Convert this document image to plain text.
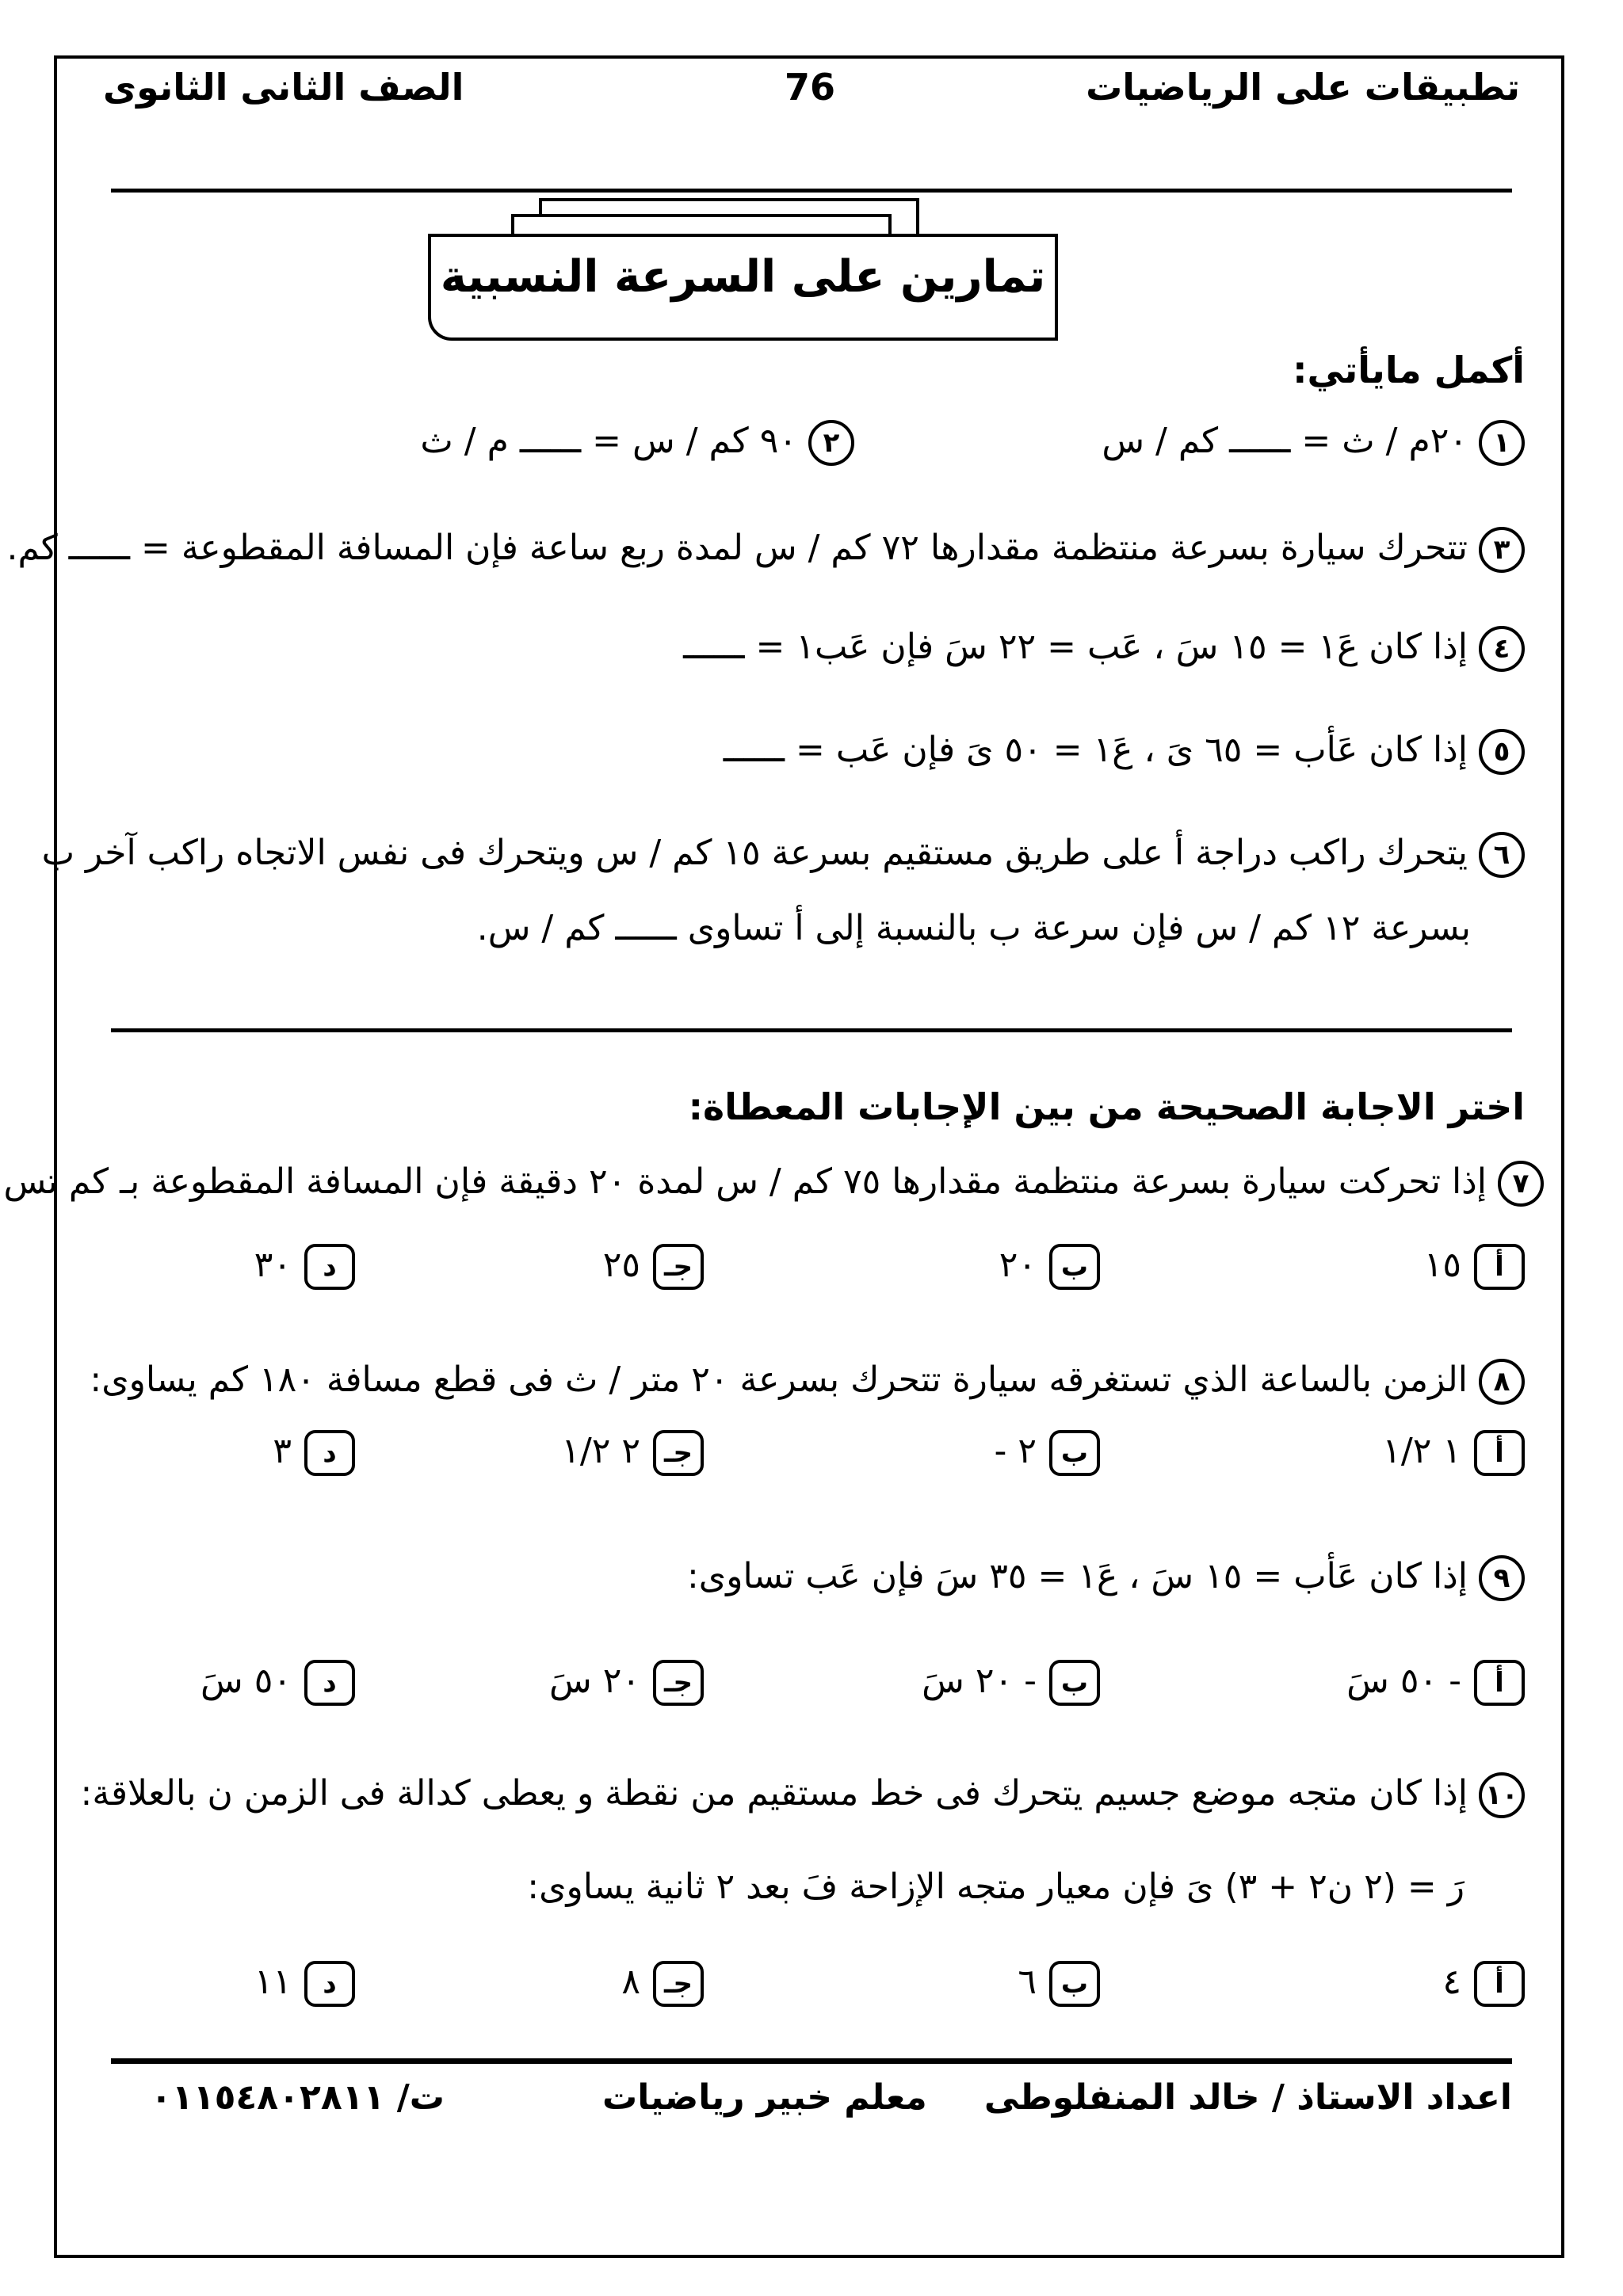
تطبيقات على الرياضيات
76
الصف الثانى الثانوى
تمارين على السرعة النسبية
أكمل مايأتي:
١٢٠م / ث = ــــــ كم / س
٢٩٠ كم / س = ــــــ م / ث
٣تتحرك سيارة بسرعة منتظمة مقدارها ٧٢ كم / س لمدة ربع ساعة فإن المسافة المقطوعة = ــــــ كم.
٤إذا كان عَ١ = ١٥ سَ ، عَب = ٢٢ سَ فإن عَب١ = ــــــ
٥إذا كان عَأب = ٦٥ ىَ ، عَ١ = ٥٠ ىَ فإن عَب = ــــــ
٦يتحرك راكب دراجة أ على طريق مستقيم بسرعة ١٥ كم / س ويتحرك فى نفس الاتجاه راكب آخر ب
بسرعة ١٢ كم / س فإن سرعة ب بالنسبة إلى أ تساوى ــــــ كم / س.
اختر الاجابة الصحيحة من بين الإجابات المعطاة:
٧إذا تحركت سيارة بسرعة منتظمة مقدارها ٧٥ كم / س لمدة ٢٠ دقيقة فإن المسافة المقطوعة بـ كم تس
أ١٥
ب٢٠
جـ٢٥
د٣٠
٨الزمن بالساعة الذي تستغرقه سيارة تتحرك بسرعة ٢٠ متر / ث فى قطع مسافة ١٨٠ كم يساوى:
أ١ ١/٢
ب٢ -
جـ٢ ١/٢
د٣
٩إذا كان عَأب = ١٥ سَ ، عَ١ = ٣٥ سَ فإن عَب تساوى:
أ- ٥٠ سَ
ب- ٢٠ سَ
جـ٢٠ سَ
د٥٠ سَ
١٠إذا كان متجه موضع جسيم يتحرك فى خط مستقيم من نقطة و يعطى كدالة فى الزمن ن بالعلاقة:
رَ = (٢ ن٢ + ٣) ىَ فإن معيار متجه الإزاحة فَ بعد ٢ ثانية يساوى:
أ٤
ب٦
جـ٨
د١١
اعداد الاستاذ / خالد المنفلوطى
معلم خبير رياضيات
ت/ ٠١١٥٤٨٠٢٨١١
